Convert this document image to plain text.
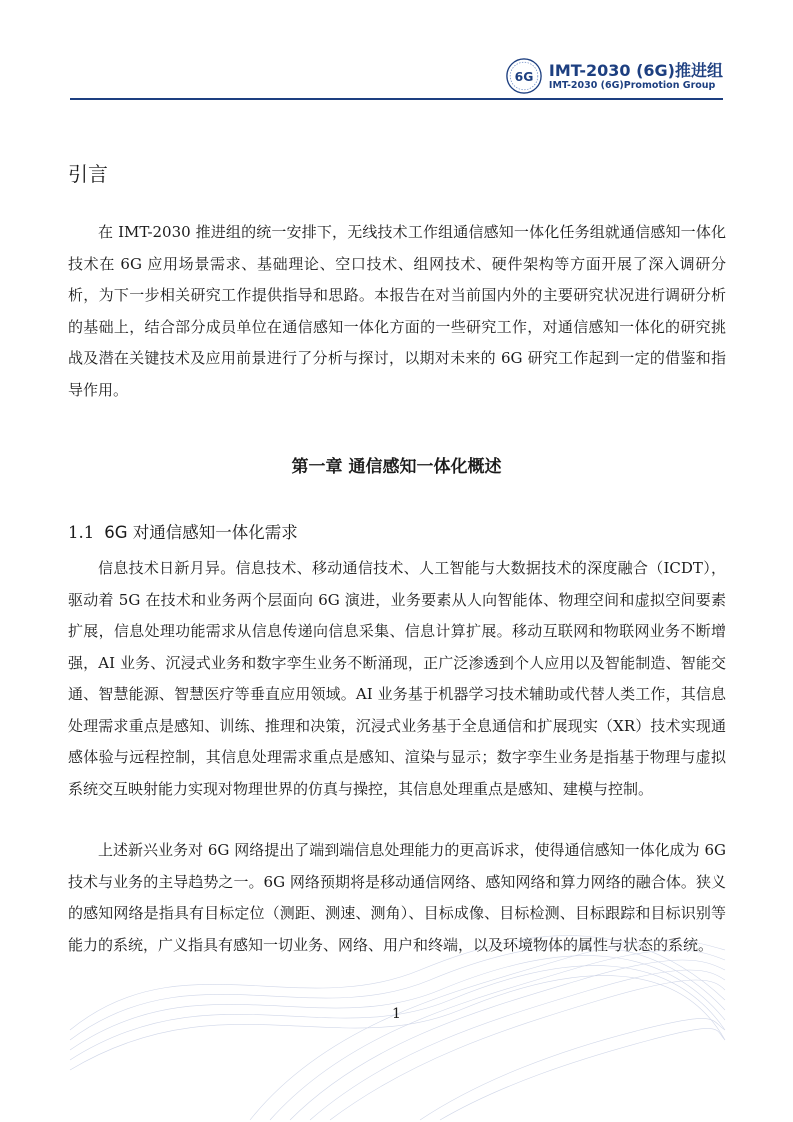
6G IMT-2030 (6G)推进组
IMT-2030 (6G)Promotion Group
引言

在 IMT-2030 推进组的统一安排下，无线技术工作组通信感知一体化任务组就通信感知一体化技术在 6G 应用场景需求、基础理论、空口技术、组网技术、硬件架构等方面开展了深入调研分析，为下一步相关研究工作提供指导和思路。本报告在对当前国内外的主要研究状况进行调研分析的基础上，结合部分成员单位在通信感知一体化方面的一些研究工作，对通信感知一体化的研究挑战及潜在关键技术及应用前景进行了分析与探讨，以期对未来的 6G 研究工作起到一定的借鉴和指导作用。

第一章 通信感知一体化概述
1.1 6G 对通信感知一体化需求

信息技术日新月异。信息技术、移动通信技术、人工智能与大数据技术的深度融合（ICDT），驱动着 5G 在技术和业务两个层面向 6G 演进，业务要素从人向智能体、物理空间和虚拟空间要素扩展，信息处理功能需求从信息传递向信息采集、信息计算扩展。移动互联网和物联网业务不断增强，AI 业务、沉浸式业务和数字孪生业务不断涌现，正广泛渗透到个人应用以及智能制造、智能交通、智慧能源、智慧医疗等垂直应用领域。AI 业务基于机器学习技术辅助或代替人类工作，其信息处理需求重点是感知、训练、推理和决策，沉浸式业务基于全息通信和扩展现实（XR）技术实现通感体验与远程控制，其信息处理需求重点是感知、渲染与显示；数字孪生业务是指基于物理与虚拟系统交互映射能力实现对物理世界的仿真与操控，其信息处理重点是感知、建模与控制。

上述新兴业务对 6G 网络提出了端到端信息处理能力的更高诉求，使得通信感知一体化成为 6G 技术与业务的主导趋势之一。6G 网络预期将是移动通信网络、感知网络和算力网络的融合体。狭义的感知网络是指具有目标定位（测距、测速、测角）、目标成像、目标检测、目标跟踪和目标识别等能力的系统，广义指具有感知一切业务、网络、用户和终端，以及环境物体的属性与状态的系统。

1
